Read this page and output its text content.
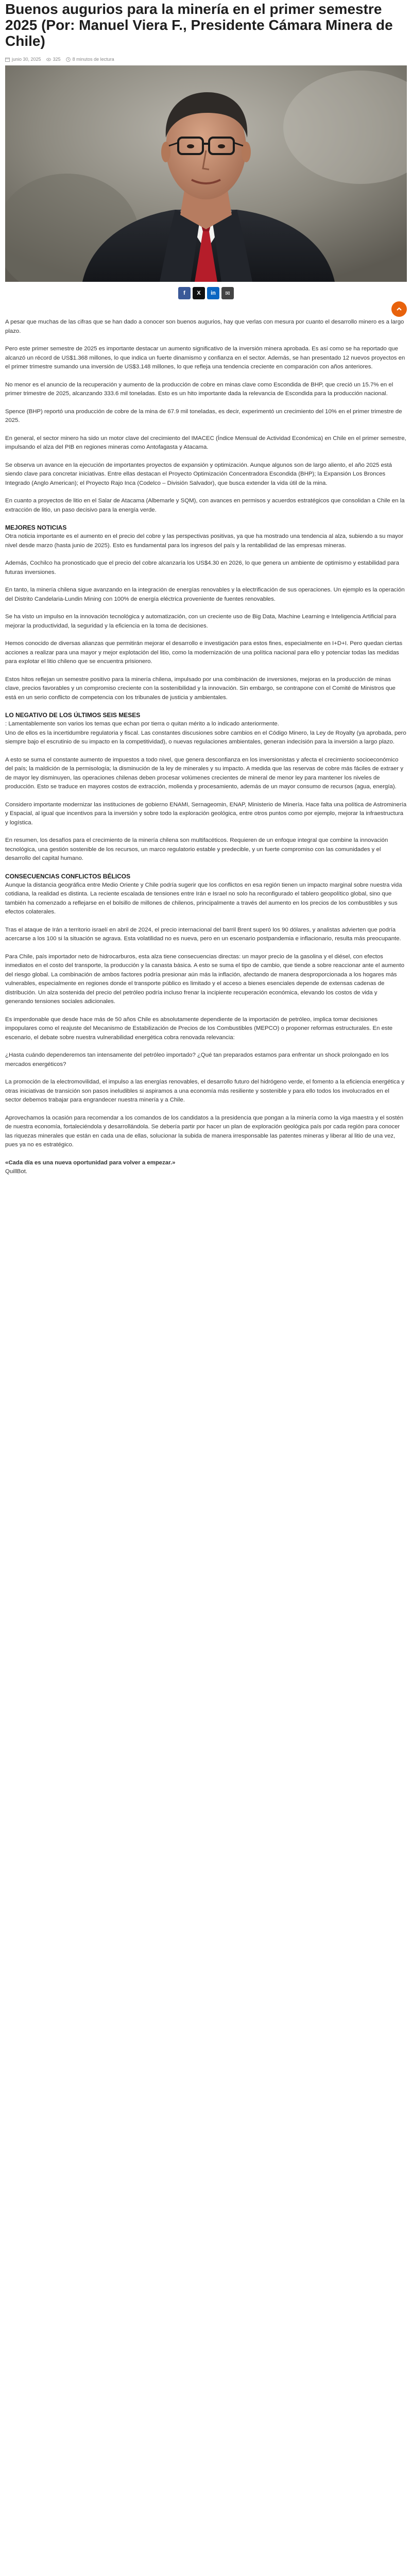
Buenos augurios para la minería en el primer semestre 2025 (Por: Manuel Viera F., Presidente Cámara Minera de Chile)
junio 30, 2025	325	8 minutos de lectura
f	X	in	✉

A pesar que muchas de las cifras que se han dado a conocer son buenos augurios, hay que verlas con mesura por cuanto el desarrollo minero es a largo plazo.

Pero este primer semestre de 2025 es importante destacar un aumento significativo de la inversión minera aprobada. Es así como se ha reportado que alcanzó un récord de US$1.368 millones, lo que indica un fuerte dinamismo y confianza en el sector. Además, se han presentado 12 nuevos proyectos en el primer trimestre sumando una inversión de US$3.148 millones, lo que refleja una tendencia creciente en comparación con años anteriores.

No menor es el anuncio de la recuperación y aumento de la producción de cobre en minas clave como Escondida de BHP, que creció un 15.7% en el primer trimestre de 2025, alcanzando 333.6 mil toneladas. Esto es un hito importante dada la relevancia de Escondida para la producción nacional.

Spence (BHP) reportó una producción de cobre de la mina de 67.9 mil toneladas, es decir, experimentó un crecimiento del 10% en el primer trimestre de 2025.

En general, el sector minero ha sido un motor clave del crecimiento del IMACEC (Índice Mensual de Actividad Económica) en Chile en el primer semestre, impulsando el alza del PIB en regiones mineras como Antofagasta y Atacama.

Se observa un avance en la ejecución de importantes proyectos de expansión y optimización. Aunque algunos son de largo aliento, el año 2025 está siendo clave para concretar iniciativas. Entre ellas destacan el Proyecto Optimización Concentradora Escondida (BHP); la Expansión Los Bronces Integrado (Anglo American); el Proyecto Rajo Inca (Codelco – División Salvador), que busca extender la vida útil de la mina.

En cuanto a proyectos de litio en el Salar de Atacama (Albemarle y SQM), con avances en permisos y acuerdos estratégicos que consolidan a Chile en la extracción de litio, un paso decisivo para la energía verde.

MEJORES NOTICIAS

Otra noticia importante es el aumento en el precio del cobre y las perspectivas positivas, ya que ha mostrado una tendencia al alza, subiendo a su mayor nivel desde marzo (hasta junio de 2025). Esto es fundamental para los ingresos del país y la rentabilidad de las empresas mineras.

Además, Cochilco ha pronosticado que el precio del cobre alcanzaría los US$4.30 en 2026, lo que genera un ambiente de optimismo y estabilidad para futuras inversiones.

En tanto, la minería chilena sigue avanzando en la integración de energías renovables y la electrificación de sus operaciones. Un ejemplo es la operación del Distrito Candelaria-Lundin Mining con 100% de energía eléctrica proveniente de fuentes renovables.

Se ha visto un impulso en la innovación tecnológica y automatización, con un creciente uso de Big Data, Machine Learning e Inteligencia Artificial para mejorar la productividad, la seguridad y la eficiencia en la toma de decisiones.

Hemos conocido de diversas alianzas que permitirán mejorar el desarrollo e investigación para estos fines, especialmente en I+D+I. Pero quedan ciertas acciones a realizar para una mayor y mejor explotación del litio, como la modernización de una política nacional para ello y potenciar todas las medidas para explotar el litio chileno que se encuentra prisionero.

Estos hitos reflejan un semestre positivo para la minería chilena, impulsado por una combinación de inversiones, mejoras en la producción de minas clave, precios favorables y un compromiso creciente con la sostenibilidad y la innovación. Sin embargo, se contrapone con el Comité de Ministros que está en un serio conflicto de competencia con los tribunales de justicia y ambientales.

LO NEGATIVO DE LOS ÚLTIMOS SEIS MESES

: Lamentablemente son varios los temas que echan por tierra o quitan mérito a lo indicado anteriormente.

Uno de ellos es la incertidumbre regulatoria y fiscal. Las constantes discusiones sobre cambios en el Código Minero, la Ley de Royalty (ya aprobada, pero siempre bajo el escrutinio de su impacto en la competitividad), o nuevas regulaciones ambientales, generan indecisión para la inversión a largo plazo.

A esto se suma el constante aumento de impuestos a todo nivel, que genera desconfianza en los inversionistas y afecta el crecimiento socioeconómico del país; la maldición de la permisología; la disminución de la ley de minerales y su impacto. A medida que las reservas de cobre más fáciles de extraer y de mayor ley disminuyen, las operaciones chilenas deben procesar volúmenes crecientes de mineral de menor ley para mantener los niveles de producción. Esto se traduce en mayores costos de extracción, molienda y procesamiento, además de un mayor consumo de recursos (agua, energía).

Considero importante modernizar las instituciones de gobierno ENAMI, Sernageomin, ENAP, Ministerio de Minería. Hace falta una política de Astrominería y Espacial, al igual que incentivos para la inversión y sobre todo la exploración geológica, entre otros puntos como por ejemplo, mejorar la infraestructura y logística.

En resumen, los desafíos para el crecimiento de la minería chilena son multifacéticos. Requieren de un enfoque integral que combine la innovación tecnológica, una gestión sostenible de los recursos, un marco regulatorio estable y predecible, y un fuerte compromiso con las comunidades y el desarrollo del capital humano.

CONSECUENCIAS CONFLICTOS BÉLICOS

Aunque la distancia geográfica entre Medio Oriente y Chile podría sugerir que los conflictos en esa región tienen un impacto marginal sobre nuestra vida cotidiana, la realidad es distinta. La reciente escalada de tensiones entre Irán e Israel no solo ha reconfigurado el tablero geopolítico global, sino que también ha comenzado a reflejarse en el bolsillo de millones de chilenos, principalmente a través del aumento en los precios de los combustibles y sus efectos colaterales.

Tras el ataque de Irán a territorio israelí en abril de 2024, el precio internacional del barril Brent superó los 90 dólares, y analistas advierten que podría acercarse a los 100 si la situación se agrava. Esta volatilidad no es nueva, pero en un escenario postpandemia e inflacionario, resulta más preocupante.

Para Chile, país importador neto de hidrocarburos, esta alza tiene consecuencias directas: un mayor precio de la gasolina y el diésel, con efectos inmediatos en el costo del transporte, la producción y la canasta básica. A esto se suma el tipo de cambio, que tiende a sobre reaccionar ante el aumento del riesgo global. La combinación de ambos factores podría presionar aún más la inflación, afectando de manera desproporcionada a los hogares más vulnerables, especialmente en regiones donde el transporte público es limitado y el acceso a bienes esenciales depende de extensas cadenas de distribución. Un alza sostenida del precio del petróleo podría incluso frenar la incipiente recuperación económica, elevando los costos de vida y generando tensiones sociales adicionales.

Es imperdonable que desde hace más de 50 años Chile es absolutamente dependiente de la importación de petróleo, implica tomar decisiones impopulares como el reajuste del Mecanismo de Estabilización de Precios de los Combustibles (MEPCO) o proponer reformas estructurales. En este escenario, el debate sobre nuestra vulnerabilidad energética cobra renovada relevancia:

¿Hasta cuándo dependeremos tan intensamente del petróleo importado? ¿Qué tan preparados estamos para enfrentar un shock prolongado en los mercados energéticos?

La promoción de la electromovilidad, el impulso a las energías renovables, el desarrollo futuro del hidrógeno verde, el fomento a la eficiencia energética y otras iniciativas de transición son pasos ineludibles si aspiramos a una economía más resiliente y sostenible y para ello todos los involucrados en el sector debemos trabajar para engrandecer nuestra minería y a Chile.

Aprovechamos la ocasión para recomendar a los comandos de los candidatos a la presidencia que pongan a la minería como la viga maestra y el sostén de nuestra economía, fortaleciéndola y desarrollándola. Se debería partir por hacer un plan de exploración geológica país por cada región para conocer las riquezas minerales que están en cada una de ellas, solucionar la subida de manera irresponsable las patentes mineras y liberar al litio de una vez, pues ya no es estratégico.

«Cada día es una nueva oportunidad para volver a empezar.»

QuillBot.
